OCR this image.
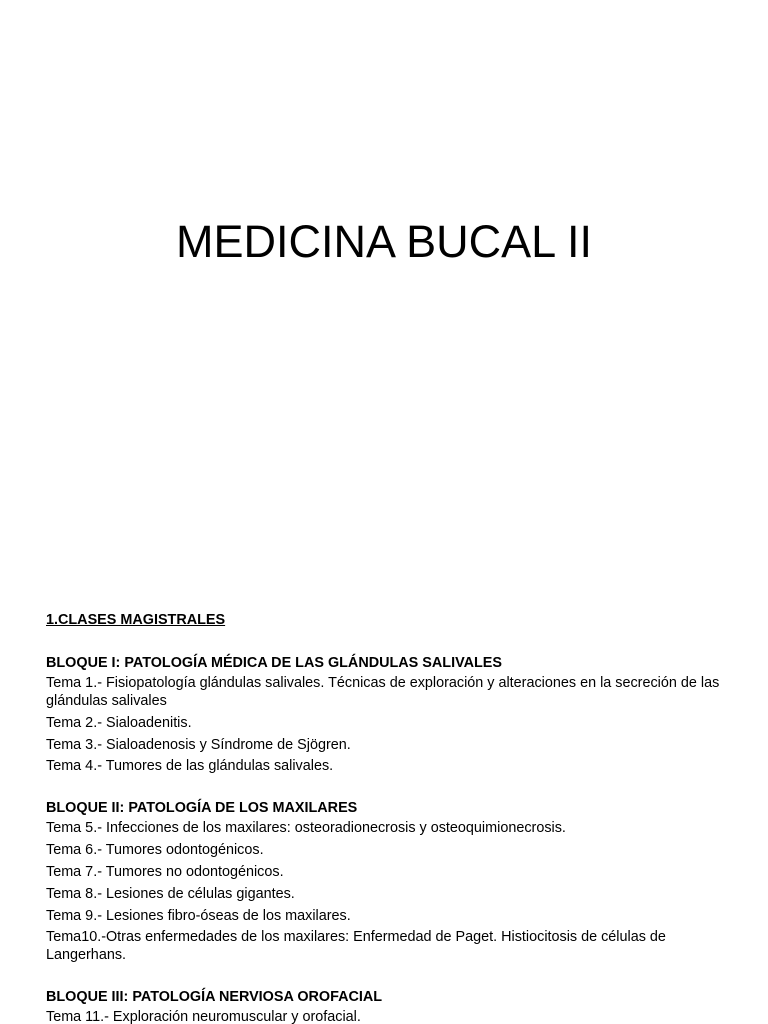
MEDICINA BUCAL II

1.CLASES MAGISTRALES

BLOQUE I: PATOLOGÍA MÉDICA DE LAS GLÁNDULAS SALIVALES

Tema 1.- Fisiopatología glándulas salivales. Técnicas de exploración y alteraciones en la secreción de las glándulas salivales
Tema 2.- Sialoadenitis.
Tema 3.- Sialoadenosis y Síndrome de Sjögren.
Tema 4.- Tumores de las glándulas salivales.

BLOQUE II: PATOLOGÍA DE LOS MAXILARES

Tema 5.- Infecciones de los maxilares: osteoradionecrosis y osteoquimionecrosis.
Tema 6.- Tumores odontogénicos.
Tema 7.- Tumores no odontogénicos.
Tema 8.- Lesiones de células gigantes.
Tema 9.- Lesiones fibro-óseas de los maxilares.
Tema10.-Otras enfermedades de los maxilares: Enfermedad de Paget. Histiocitosis de células de Langerhans.

BLOQUE III: PATOLOGÍA NERVIOSA OROFACIAL

Tema 11.- Exploración neuromuscular y orofacial.
